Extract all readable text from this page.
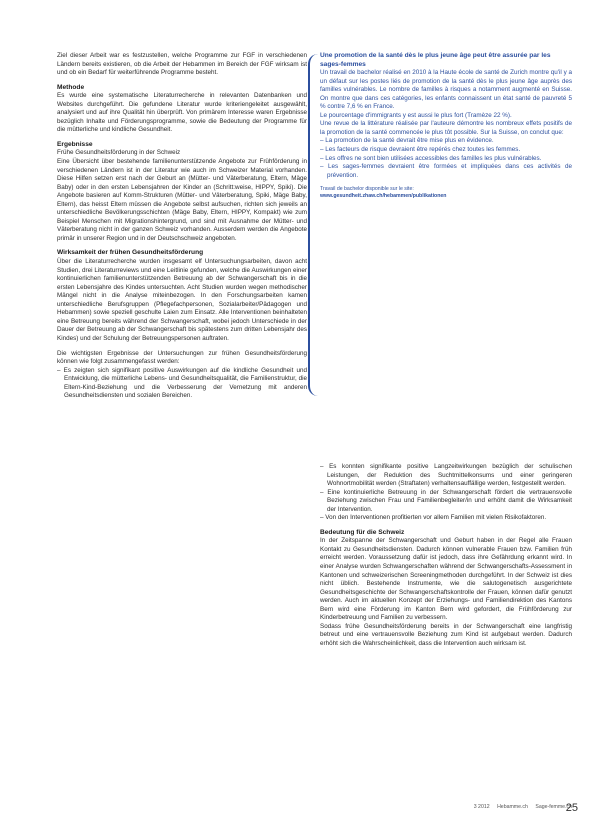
Ziel dieser Arbeit war es festzustellen, welche Programme zur FGF in verschiedenen Ländern bereits existieren, ob die Arbeit der Hebammen im Bereich der FGF wirksam ist und ob ein Bedarf für weiterführende Programme besteht.

Methode

Es wurde eine systematische Literaturrecherche in relevanten Datenbanken und Websites durchgeführt. Die gefundene Literatur wurde kriteriengeleitet ausgewählt, analysiert und auf ihre Qualität hin überprüft. Von primärem Interesse waren Ergebnisse bezüglich Inhalte und Förderungsprogramme, sowie die Bedeutung der Programme für die mütterliche und kindliche Gesundheit.

Ergebnisse

Frühe Gesundheitsförderung in der Schweiz

Eine Übersicht über bestehende familienunterstützende Angebote zur Frühförderung in verschiedenen Ländern ist in der Literatur wie auch im Schweizer Material vorhanden. Diese Hilfen setzen erst nach der Geburt an (Mütter- und Väterberatung, Eltern, Mäge Baby) oder in den ersten Lebensjahren der Kinder an (Schritt:weise, HIPPY, Spiki). Die Angebote basieren auf Komm-Strukturen (Mütter- und Väterberatung, Spiki, Mäge Baby, Eltern), das heisst Eltern müssen die Angebote selbst aufsuchen, richten sich jeweils an unterschiedliche Bevölkerungsschichten (Mäge Baby, Eltern, HIPPY, Kompakt) wie zum Beispiel Menschen mit Migrationshintergrund, und sind mit Ausnahme der Mütter- und Väterberatung nicht in der ganzen Schweiz vorhanden. Ausserdem werden die Angebote primär in unserer Region und in der Deutschschweiz angeboten.

Wirksamkeit der frühen Gesundheitsförderung

Über die Literaturrecherche wurden insgesamt elf Untersuchungsarbeiten, davon acht Studien, drei Literaturreviews und eine Leitlinie gefunden, welche die Auswirkungen einer kontinuierlichen familienunterstützenden Betreuung ab der Schwangerschaft bis in die ersten Lebensjahre des Kindes untersuchten. Acht Studien wurden wegen methodischer Mängel nicht in die Analyse miteinbezogen. In den Forschungsarbeiten kamen unterschiedliche Berufsgruppen (Pflegefachpersonen, Sozialarbeiter/Pädagogen und Hebammen) sowie speziell geschulte Laien zum Einsatz. Alle Interventionen beinhalteten eine Betreuung bereits während der Schwangerschaft, wobei jedoch Unterschiede in der Dauer der Betreuung ab der Schwangerschaft bis spätestens zum dritten Lebensjahr des Kindes) und der Schulung der Betreuungspersonen auftraten.

Die wichtigsten Ergebnisse der Untersuchungen zur frühen Gesundheitsförderung können wie folgt zusammengefasst werden:

– Es zeigten sich signifikant positive Auswirkungen auf die kindliche Gesundheit und Entwicklung, die mütterliche Lebens- und Gesundheitsqualität, die Familienstruktur, die Eltern-Kind-Beziehung und die Verbesserung der Vernetzung mit anderen Gesundheitsdiensten und sozialen Bereichen.

Une promotion de la santé dès le plus jeune âge peut être assurée par les sages-femmes

Un travail de bachelor réalisé en 2010 à la Haute école de santé de Zurich montre qu'il y a un défaut sur les postes liés de promotion de la santé dès le plus jeune âge auprès des familles vulnérables. Le nombre de familles à risques a notamment augmenté en Suisse. On montre que dans ces catégories, les enfants connaissent un état santé de pauvreté 5 % contre 7,6 % en France.

Le pourcentage d'immigrants y est aussi le plus fort (Tramèze 22 %).

Une revue de la littérature réalisée par l'auteure démontre les nombreux effets positifs de la promotion de la santé commencée le plus tôt possible. Sur la Suisse, on conclut que:

– La promotion de la santé devrait être mise plus en évidence.
– Les facteurs de risque devraient être repérés chez toutes les femmes.
– Les offres ne sont bien utilisées accessibles des familles les plus vulnérables.
– Les sages-femmes devraient être formées et impliquées dans ces activités de prévention.
Travail de bachelor disponible sur le site:
www.gesundheit.zhaw.ch/hebammen/publikationen
– Es konnten signifikante positive Langzeitwirkungen bezüglich der schulischen Leistungen, der Reduktion des Suchtmittelkonsums und einer geringeren Wohnortmobilität werden (Straftaten) verhaltensauffällige werden, festgestellt werden.
– Eine kontinuierliche Betreuung in der Schwangerschaft fördert die vertrauensvolle Beziehung zwischen Frau und Familienbegleiter/in und erhöht damit die Wirksamkeit der Intervention.
– Von den Interventionen profitierten vor allem Familien mit vielen Risikofaktoren.

Bedeutung für die Schweiz

In der Zeitspanne der Schwangerschaft und Geburt haben in der Regel alle Frauen Kontakt zu Gesundheitsdiensten. Dadurch können vulnerable Frauen bzw. Familien früh erreicht werden. Voraussetzung dafür ist jedoch, dass ihre Gefährdung erkannt wird. In einer Analyse wurden Schwangerschaften während der Schwangerschafts-Assessment in Kantonen und schweizerischen Screeningmethoden durchgeführt. In der Schweiz ist dies nicht üblich. Bestehende Instrumente, wie die salutogenetisch ausgerichtete Gesundheitsgeschichte der Schwangerschaftskontrolle der Frauen, können dafür genutzt werden. Auch im aktuellen Konzept der Erziehungs- und Familiendirektion des Kantons Bern wird eine Förderung im Kanton Bern wird gefordert, die Frühförderung zur Kinderbetreuung und Familien zu verbessern.

Sodass frühe Gesundheitsförderung bereits in der Schwangerschaft eine langfristig betreut und eine vertrauensvolle Beziehung zum Kind ist aufgebaut werden. Dadurch erhöht sich die Wahrscheinlichkeit, dass die Intervention auch wirksam ist.

3 2012 Hebamme.ch Sage-femme.ch
25
